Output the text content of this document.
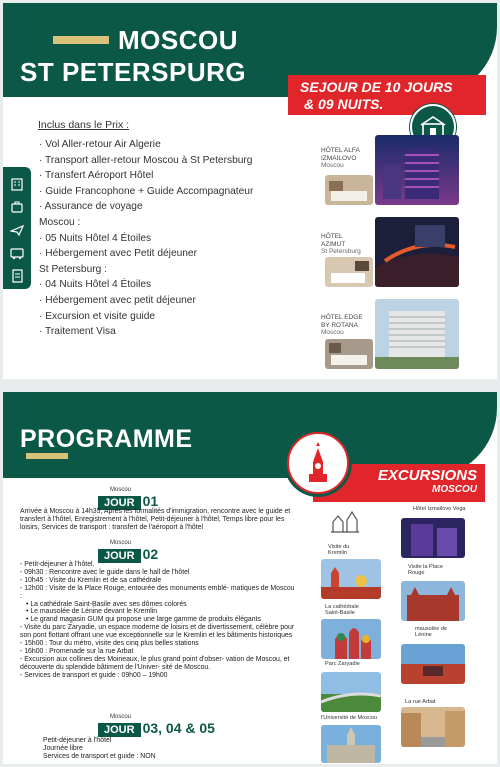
MOSCOU
ST PETERSPURG	SEJOUR DE 10 JOURS
& 09 NUITS.
Inclus dans le Prix :
· Vol Aller-retour Air Algerie
· Transport aller-retour Moscou à St Petersburg
· Transfert Aéroport Hôtel
· Guide Francophone + Guide Accompagnateur
· Assurance de voyage
Moscou :
· 05 Nuits Hôtel 4 Étoiles
· Hébergement avec Petit déjeuner
St Petersburg :
· 04 Nuits Hôtel 4 Étoiles
· Hébergement avec petit déjeuner
· Excursion et visite guide
· Traitement Visa
HÔTEL ALFA
IZMAILOVO
Moscou
HÔTEL
AZIMUT
St Petersburg
HÔTEL EDGE
BY ROTANA
Moscou
PROGRAMME
EXCURSIONS
MOSCOU
Moscou
JOUR 01

Arrivée à Moscou à 14h35, Après les formalités d'immigration, rencontre avec le guide et transfert à l'hôtel, Enregistrement à l'hôtel, Petit-déjeuner à l'hôtel, Temps libre pour les loisirs, Services de transport : transfert de l'aéroport à l'hôtel

Moscou
JOUR 02

- Petit-déjeuner à l'hôtel.

- 09h30 : Rencontre avec le guide dans le hall de l'hôtel

- 10h45 : Visite du Kremlin et de sa cathédrale

- 12h00 : Visite de la Place Rouge, entourée des monuments emblé- matiques de Moscou :

• La cathédrale Saint-Basile avec ses dômes colorés

• Le mausolée de Lénine devant le Kremlin

• Le grand magasin GUM qui propose une large gamme de produits élégants

- Visite du parc Zaryadie, un espace moderne de loisirs et de divertissement, célèbre pour son pont flottant offrant une vue exceptionnelle sur le Kremlin et les bâtiments historiques

- 15h00 : Tour du métro, visite des cinq plus belles stations

- 16h00 : Promenade sur la rue Arbat

- Excursion aux collines des Moineaux, le plus grand point d'obser- vation de Moscou, et découverte du splendide bâtiment de l'Univer- sité de Moscou.

- Services de transport et guide : 09h00 – 19h00

Moscou
JOUR 03, 04 & 05

Petit-déjeuner à l'hôtel

Journée libre

Services de transport et guide : NON

Hôtel Izmailovo Vega
Visite du Kremlin
Visite la Place Rouge
La cathédrale Saint-Basile
mausolée de Lénine
Parc Zaryadie
La rue Arbat
l'Université de Moscou
